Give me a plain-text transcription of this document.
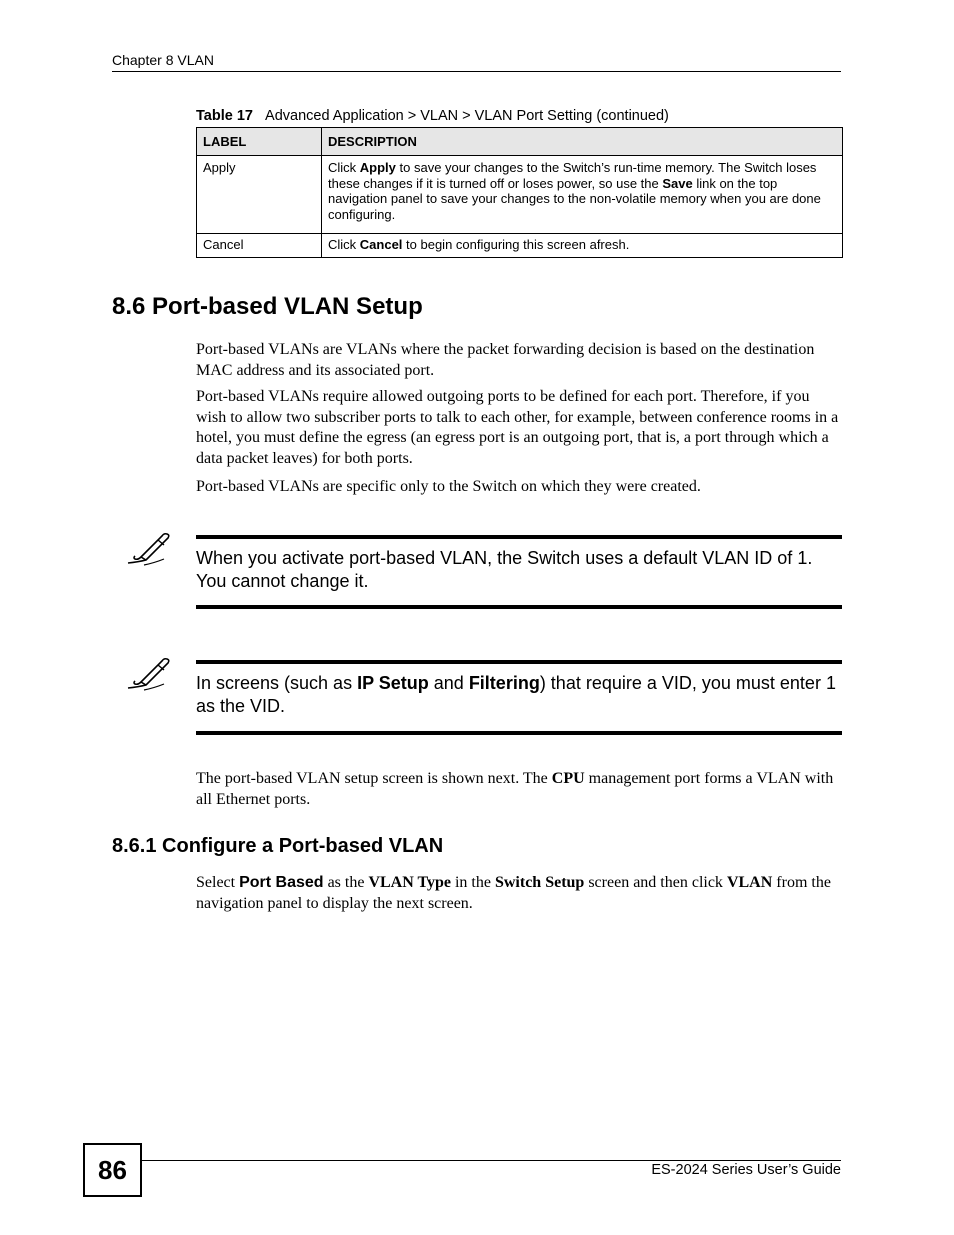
Chapter 8 VLAN
Table 17 Advanced Application > VLAN > VLAN Port Setting (continued)
LABEL	DESCRIPTION
Apply	Click Apply to save your changes to the Switch’s run-time memory. The Switch loses these changes if it is turned off or loses power, so use the Save link on the top navigation panel to save your changes to the non-volatile memory when you are done configuring.
Cancel	Click Cancel to begin configuring this screen afresh.
8.6 Port-based VLAN Setup
Port-based VLANs are VLANs where the packet forwarding decision is based on the destination MAC address and its associated port.
Port-based VLANs require allowed outgoing ports to be defined for each port. Therefore, if you wish to allow two subscriber ports to talk to each other, for example, between conference rooms in a hotel, you must define the egress (an egress port is an outgoing port, that is, a port through which a data packet leaves) for both ports.
Port-based VLANs are specific only to the Switch on which they were created.
When you activate port-based VLAN, the Switch uses a default VLAN ID of 1. You cannot change it.
In screens (such as IP Setup and Filtering) that require a VID, you must enter 1 as the VID.
The port-based VLAN setup screen is shown next. The CPU management port forms a VLAN with all Ethernet ports.
8.6.1 Configure a Port-based VLAN
Select Port Based as the VLAN Type in the Switch Setup screen and then click VLAN from the navigation panel to display the next screen.
86	ES-2024 Series User’s Guide
